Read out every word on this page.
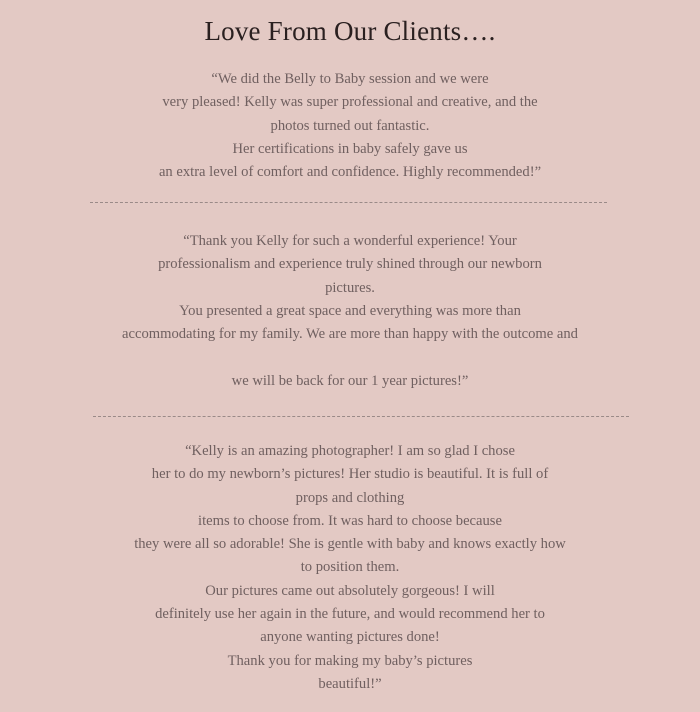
Love From Our Clients….
“We did the Belly to Baby session and we were
very pleased! Kelly was super professional and creative, and the
photos turned out fantastic.
Her certifications in baby safely gave us
an extra level of comfort and confidence. Highly recommended!”
“Thank you Kelly for such a wonderful experience! Your
professionalism and experience truly shined through our newborn
pictures.
You presented a great space and everything was more than
accommodating for my family. We are more than happy with the outcome and
we will be back for our 1 year pictures!”
“Kelly is an amazing photographer! I am so glad I chose
her to do my newborn’s pictures! Her studio is beautiful. It is full of
props and clothing
items to choose from. It was hard to choose because
they were all so adorable! She is gentle with baby and knows exactly how
to position them.
Our pictures came out absolutely gorgeous! I will
definitely use her again in the future, and would recommend her to
anyone wanting pictures done!
Thank you for making my baby’s pictures
beautiful!”
